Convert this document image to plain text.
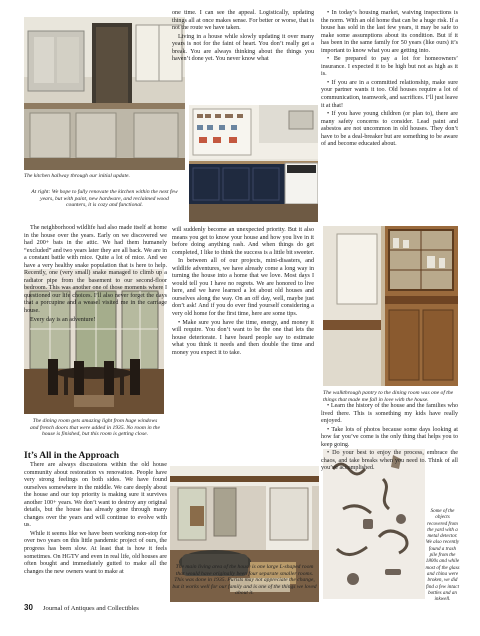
The kitchen hallway through our initial update.
At right: We hope to fully renovate the kitchen within the next few years, but with paint, new hardware, and reclaimed wood counters, it is cozy and functional.
The dining room gets amazing light from huge windows and french doors that were added in 1935. No room in the house is finished, but this room is getting close.
The walkthrough pantry to the dining room was one of the things that made me fall in love with the house.
The main living area of the house is one large L-shaped room that would have originally been four separate smaller rooms. This was done in 1935. Purists may not appreciate the change, but it works well for our family and is one of the things we loved about it.
Some of the objects recovered from the yard with a metal detector. We also recently found a trash pile from the 1800s and while most of the glass and china were broken, we did find a few intact bottles and an inkwell.

The neighborhood wildlife had also made itself at home in the house over the years. Early on we discovered we had 200+ bats in the attic. We had them humanely “excluded” and two years later they are all back. We are in a constant battle with mice. Quite a lot of mice. And we have a very healthy snake population that is here to help. Recently, one (very small) snake managed to climb up a radiator pipe from the basement to our second-floor bedroom. This was another one of those moments where I questioned our life choices. I’ll also never forget the days that a porcupine and a weasel visited me in the carriage house.

Every day is an adventure!

It’s All in the Approach

There are always discussions within the old house community about restoration vs renovation. People have very strong feelings on both sides. We have found ourselves somewhere in the middle. We care deeply about the house and our top priority is making sure it survives another 100+ years. We don’t want to destroy any original details, but the house has already gone through many changes over the years and will continue to evolve with us.

While it seems like we have been working non-stop for over two years on this little pandemic project of ours, the progress has been slow. At least that is how it feels sometimes. On HGTV and even in real life, old houses are often bought and immediately gutted to make all the changes the new owners want to make at

one time. I can see the appeal. Logistically, updating things all at once makes sense. For better or worse, that is not the route we have taken.

Living in a house while slowly updating it over many years is not for the faint of heart. You don’t really get a break. You are always thinking about the things you haven’t done yet. You never know what

will suddenly become an unexpected priority. But it also means you get to know your house and how you live in it before doing anything rash. And when things do get completed, I like to think the success is a little bit sweeter.

In between all of our projects, mini-disasters, and wildlife adventures, we have already come a long way in turning the house into a home that we love. Most days I would tell you I have no regrets. We are honored to live here, and we have learned a lot about old houses and ourselves along the way. On an off day, well, maybe just don’t ask! And if you do ever find yourself considering a very old home for the first time, here are some tips.

• Make sure you have the time, energy, and money it will require. You don’t want to be the one that lets the house deteriorate. I have heard people say to estimate what you think it needs and then double the time and money you expect it to take.

• In today’s housing market, waiving inspections is the norm. With an old home that can be a huge risk. If a house has sold in the last few years, it may be safe to make some assumptions about its condition. But if it has been in the same family for 50 years (like ours) it’s important to know what you are getting into.

• Be prepared to pay a lot for homeowners’ insurance. I expected it to be high but not as high as it is.

• If you are in a committed relationship, make sure your partner wants it too. Old houses require a lot of communication, teamwork, and sacrifices. I’ll just leave it at that!

• If you have young children (or plan to), there are many safety concerns to consider. Lead paint and asbestos are not uncommon in old houses. They don’t have to be a deal-breaker but are something to be aware of and become educated about.

• Learn the history of the house and the families who lived there. This is something my kids have really enjoyed.

• Take lots of photos because some days looking at how far you’ve come is the only thing that helps you to keep going.

• Do your best to enjoy the process, embrace the chaos, and take breaks when you need to. Think of all you’ve accomplished.

30 Journal of Antiques and Collectibles
